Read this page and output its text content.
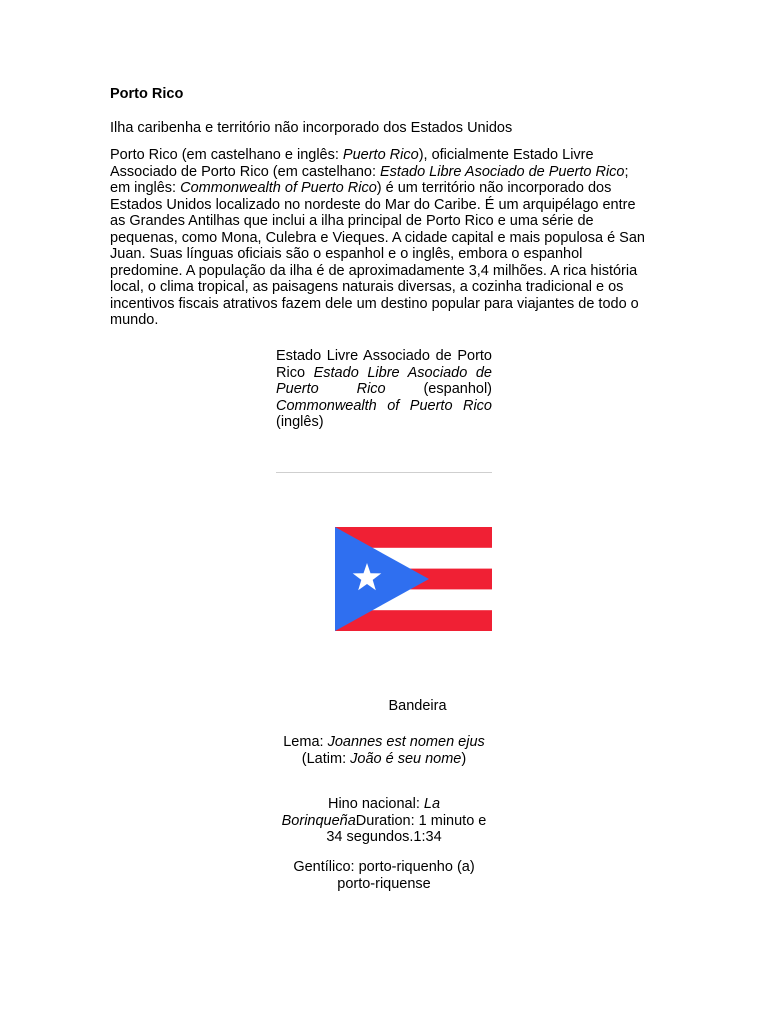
Porto Rico

Ilha caribenha e território não incorporado dos Estados Unidos

Porto Rico (em castelhano e inglês: Puerto Rico), oficialmente Estado Livre Associado de Porto Rico (em castelhano: Estado Libre Asociado de Puerto Rico; em inglês: Commonwealth of Puerto Rico) é um território não incorporado dos Estados Unidos localizado no nordeste do Mar do Caribe. É um arquipélago entre as Grandes Antilhas que inclui a ilha principal de Porto Rico e uma série de pequenas, como Mona, Culebra e Vieques. A cidade capital e mais populosa é San Juan. Suas línguas oficiais são o espanhol e o inglês, embora o espanhol predomine. A população da ilha é de aproximadamente 3,4 milhões. A rica história local, o clima tropical, as paisagens naturais diversas, a cozinha tradicional e os incentivos fiscais atrativos fazem dele um destino popular para viajantes de todo o mundo.

Estado Livre Associado de Porto Rico Estado Libre Asociado de Puerto Rico (espanhol) Commonwealth of Puerto Rico (inglês)

Bandeira

Lema: Joannes est nomen ejus
(Latim: João é seu nome)

Hino nacional: La BorinqueñaDuration: 1 minuto e 34 segundos.1:34

Gentílico: porto-riquenho (a) porto-riquense
